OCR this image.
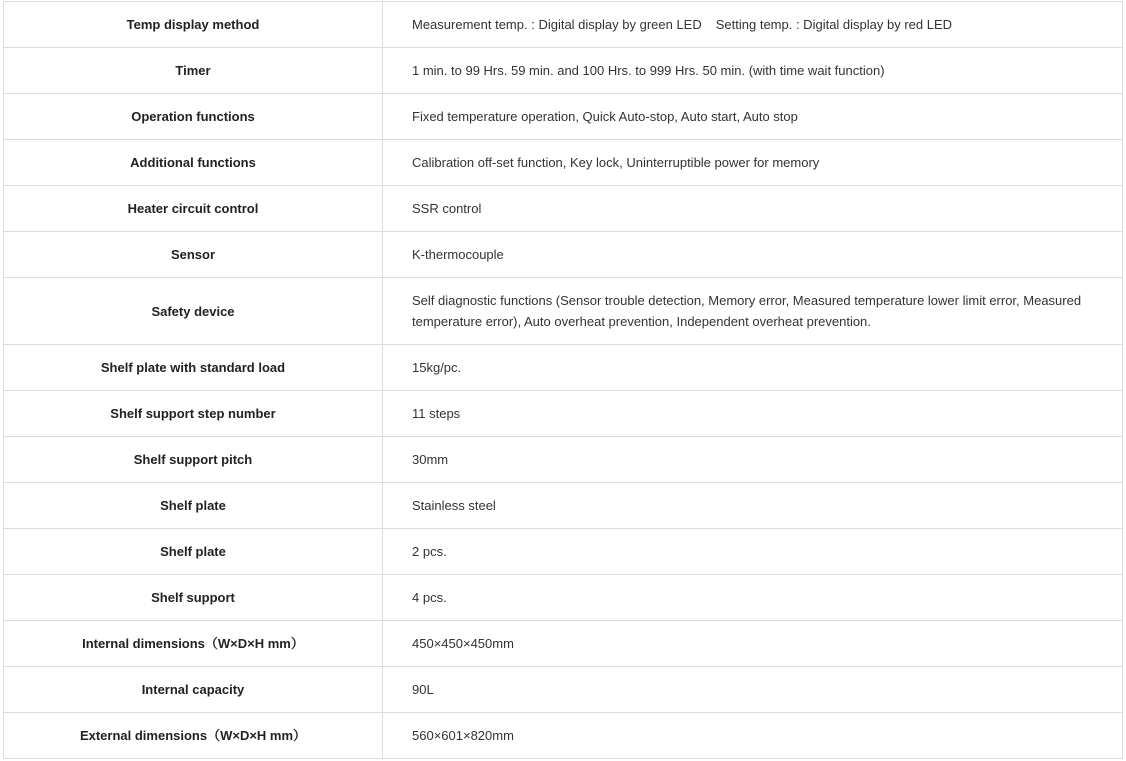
Temp display method	Measurement temp. : Digital display by green LED Setting temp. : Digital display by red LED
Timer	1 min. to 99 Hrs. 59 min. and 100 Hrs. to 999 Hrs. 50 min. (with time wait function)
Operation functions	Fixed temperature operation, Quick Auto-stop, Auto start, Auto stop
Additional functions	Calibration off-set function, Key lock, Uninterruptible power for memory
Heater circuit control	SSR control
Sensor	K-thermocouple
Safety device	Self diagnostic functions (Sensor trouble detection, Memory error, Measured temperature lower limit error, Measured temperature error), Auto overheat prevention, Independent overheat prevention.
Shelf plate with standard load	15kg/pc.
Shelf support step number	11 steps
Shelf support pitch	30mm
Shelf plate	Stainless steel
Shelf plate	2 pcs.
Shelf support	4 pcs.
Internal dimensions（W×D×H mm）	450×450×450mm
Internal capacity	90L
External dimensions（W×D×H mm）	560×601×820mm
